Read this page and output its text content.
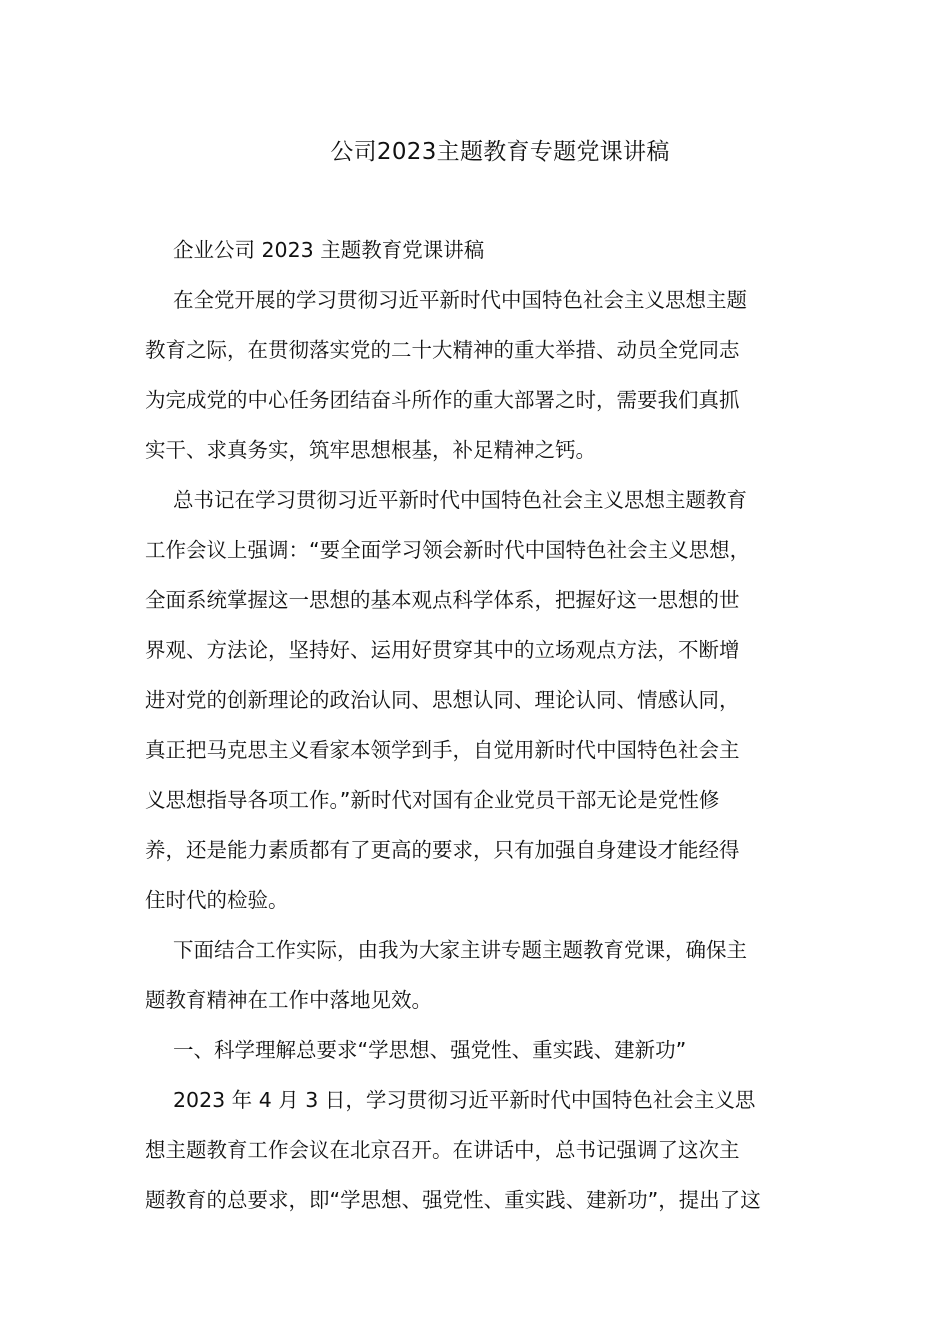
公司2023主题教育专题党课讲稿
企业公司 2023 主题教育党课讲稿
在全党开展的学习贯彻习近平新时代中国特色社会主义思想主题
教育之际，在贯彻落实党的二十大精神的重大举措、动员全党同志
为完成党的中心任务团结奋斗所作的重大部署之时，需要我们真抓
实干、求真务实，筑牢思想根基，补足精神之钙。
总书记在学习贯彻习近平新时代中国特色社会主义思想主题教育
工作会议上强调：“要全面学习领会新时代中国特色社会主义思想，
全面系统掌握这一思想的基本观点科学体系，把握好这一思想的世
界观、方法论，坚持好、运用好贯穿其中的立场观点方法，不断增
进对党的创新理论的政治认同、思想认同、理论认同、情感认同，
真正把马克思主义看家本领学到手，自觉用新时代中国特色社会主
义思想指导各项工作。”新时代对国有企业党员干部无论是党性修
养，还是能力素质都有了更高的要求，只有加强自身建设才能经得
住时代的检验。
下面结合工作实际，由我为大家主讲专题主题教育党课，确保主
题教育精神在工作中落地见效。
一、科学理解总要求“学思想、强党性、重实践、建新功”
2023 年 4 月 3 日，学习贯彻习近平新时代中国特色社会主义思
想主题教育工作会议在北京召开。在讲话中，总书记强调了这次主
题教育的总要求，即“学思想、强党性、重实践、建新功”，提出了这
